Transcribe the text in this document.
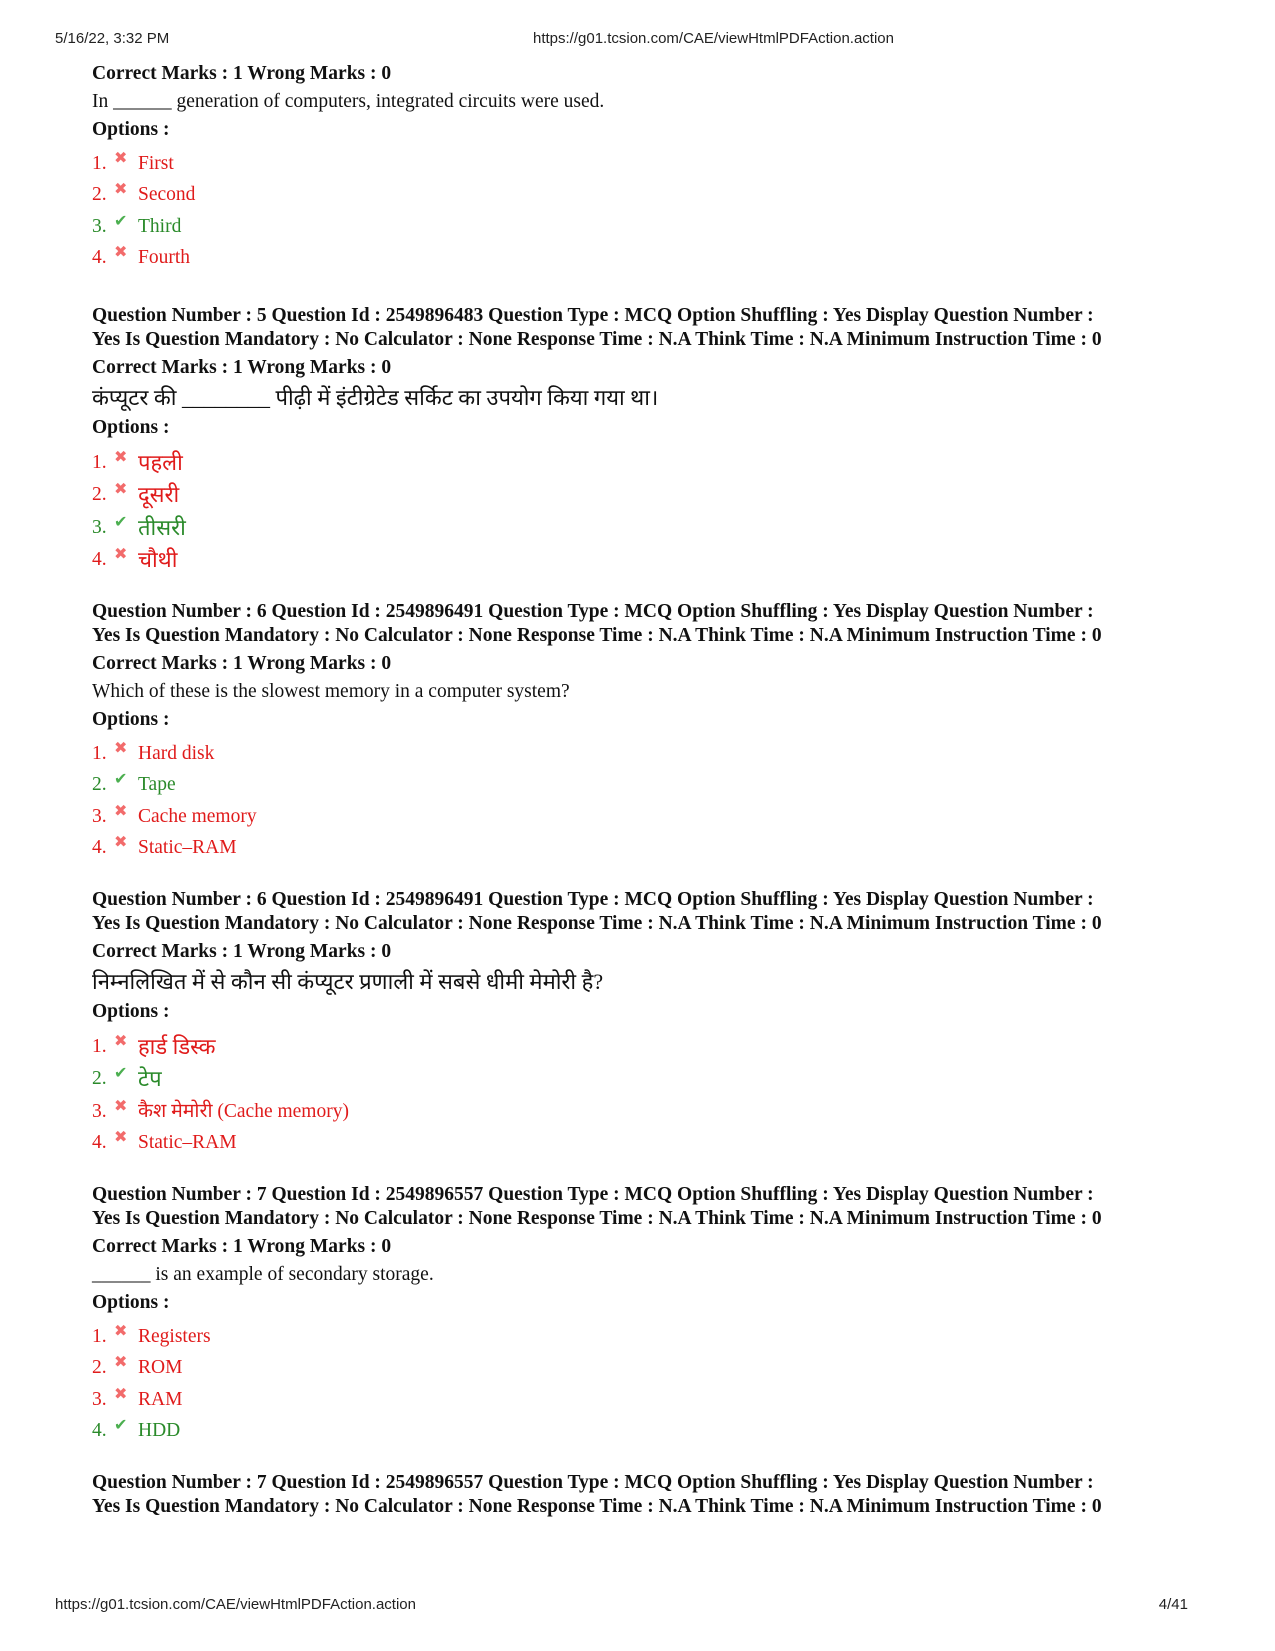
5/16/22, 3:32 PM	https://g01.tcsion.com/CAE/viewHtmlPDFAction.action

Correct Marks : 1 Wrong Marks : 0

In ______ generation of computers, integrated circuits were used.

Options :

1. ✖ First
2. ✖ Second
3. ✔ Third
4. ✖ Fourth

Question Number : 5 Question Id : 2549896483 Question Type : MCQ Option Shuffling : Yes Display Question Number :

Yes Is Question Mandatory : No Calculator : None Response Time : N.A Think Time : N.A Minimum Instruction Time : 0

Correct Marks : 1 Wrong Marks : 0

कंप्यूटर की ________ पीढ़ी में इंटीग्रेटेड सर्किट का उपयोग किया गया था।

Options :

1. ✖ पहली
2. ✖ दूसरी
3. ✔ तीसरी
4. ✖ चौथी

Question Number : 6 Question Id : 2549896491 Question Type : MCQ Option Shuffling : Yes Display Question Number :

Yes Is Question Mandatory : No Calculator : None Response Time : N.A Think Time : N.A Minimum Instruction Time : 0

Correct Marks : 1 Wrong Marks : 0

Which of these is the slowest memory in a computer system?

Options :

1. ✖ Hard disk
2. ✔ Tape
3. ✖ Cache memory
4. ✖ Static–RAM

Question Number : 6 Question Id : 2549896491 Question Type : MCQ Option Shuffling : Yes Display Question Number :

Yes Is Question Mandatory : No Calculator : None Response Time : N.A Think Time : N.A Minimum Instruction Time : 0

Correct Marks : 1 Wrong Marks : 0

निम्नलिखित में से कौन सी कंप्यूटर प्रणाली में सबसे धीमी मेमोरी है?

Options :

1. ✖ हार्ड डिस्क
2. ✔ टेप
3. ✖ कैश मेमोरी (Cache memory)
4. ✖ Static–RAM

Question Number : 7 Question Id : 2549896557 Question Type : MCQ Option Shuffling : Yes Display Question Number :

Yes Is Question Mandatory : No Calculator : None Response Time : N.A Think Time : N.A Minimum Instruction Time : 0

Correct Marks : 1 Wrong Marks : 0

______ is an example of secondary storage.

Options :

1. ✖ Registers
2. ✖ ROM
3. ✖ RAM
4. ✔ HDD

Question Number : 7 Question Id : 2549896557 Question Type : MCQ Option Shuffling : Yes Display Question Number :

Yes Is Question Mandatory : No Calculator : None Response Time : N.A Think Time : N.A Minimum Instruction Time : 0

https://g01.tcsion.com/CAE/viewHtmlPDFAction.action	4/41
